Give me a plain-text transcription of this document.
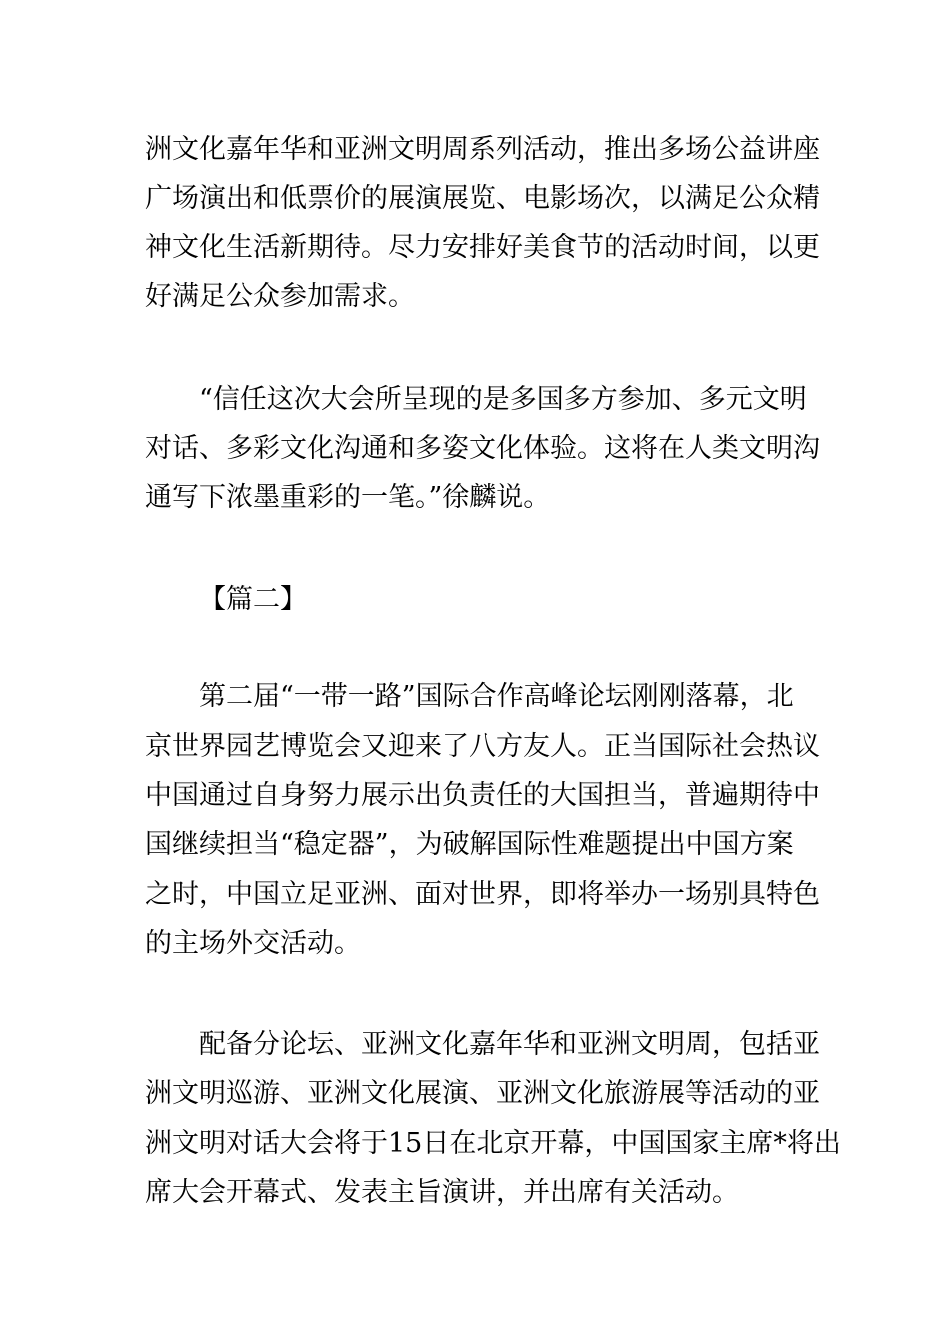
洲文化嘉年华和亚洲文明周系列活动，推出多场公益讲座
广场演出和低票价的展演展览、电影场次，以满足公众精
神文化生活新期待。尽力安排好美食节的活动时间，以更
好满足公众参加需求。
“信任这次大会所呈现的是多国多方参加、多元文明
对话、多彩文化沟通和多姿文化体验。这将在人类文明沟
通写下浓墨重彩的一笔。”徐麟说。
【篇二】
第二届“一带一路”国际合作高峰论坛刚刚落幕，北
京世界园艺博览会又迎来了八方友人。正当国际社会热议
中国通过自身努力展示出负责任的大国担当，普遍期待中
国继续担当“稳定器”，为破解国际性难题提出中国方案
之时，中国立足亚洲、面对世界，即将举办一场别具特色
的主场外交活动。
配备分论坛、亚洲文化嘉年华和亚洲文明周，包括亚
洲文明巡游、亚洲文化展演、亚洲文化旅游展等活动的亚
洲文明对话大会将于15日在北京开幕，中国国家主席*将出
席大会开幕式、发表主旨演讲，并出席有关活动。
